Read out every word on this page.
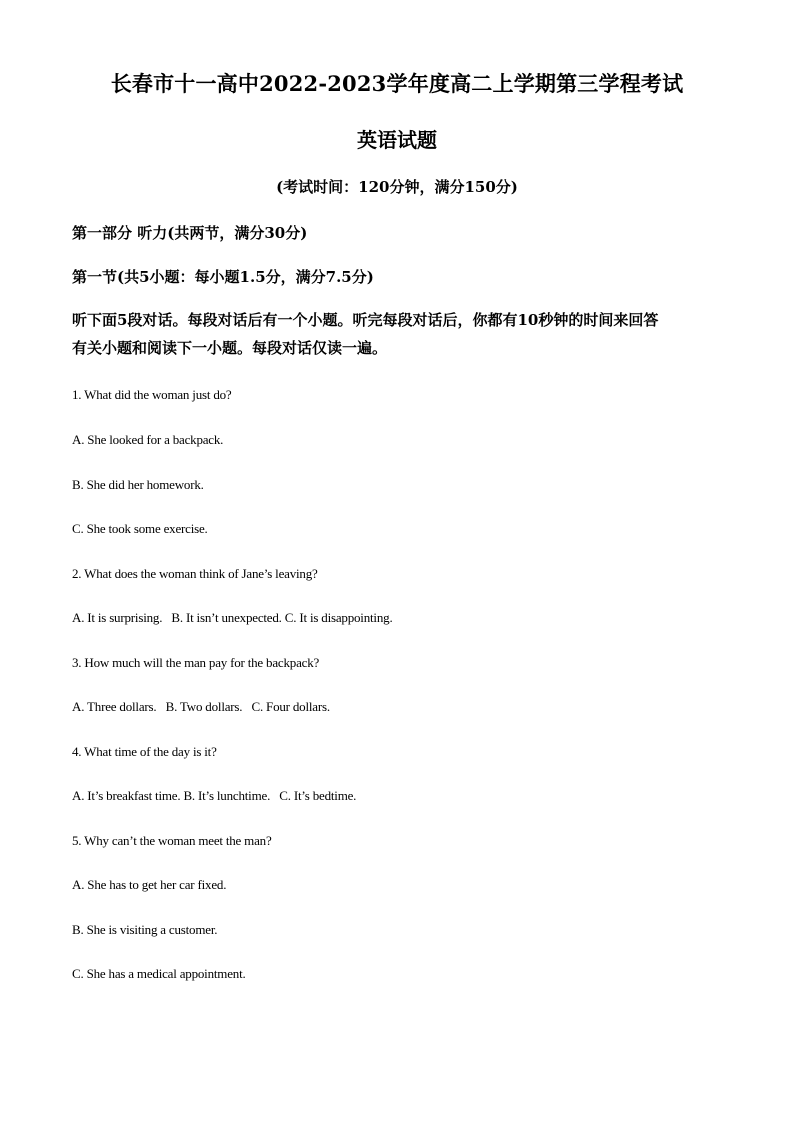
长春市十一高中2022-2023学年度高二上学期第三学程考试
英语试题
(考试时间：120分钟，满分150分)
第一部分 听力(共两节，满分30分)
第一节(共5小题：每小题1.5分，满分7.5分)
听下面5段对话。每段对话后有一个小题。听完每段对话后，你都有10秒钟的时间来回答
有关小题和阅读下一小题。每段对话仅读一遍。
1. What did the woman just do?
A. She looked for a backpack.
B. She did her homework.
C. She took some exercise.
2. What does the woman think of Jane’s leaving?
A. It is surprising.   B. It isn’t unexpected. C. It is disappointing.
3. How much will the man pay for the backpack?
A. Three dollars.   B. Two dollars.   C. Four dollars.
4. What time of the day is it?
A. It’s breakfast time. B. It’s lunchtime.   C. It’s bedtime.
5. Why can’t the woman meet the man?
A. She has to get her car fixed.
B. She is visiting a customer.
C. She has a medical appointment.
